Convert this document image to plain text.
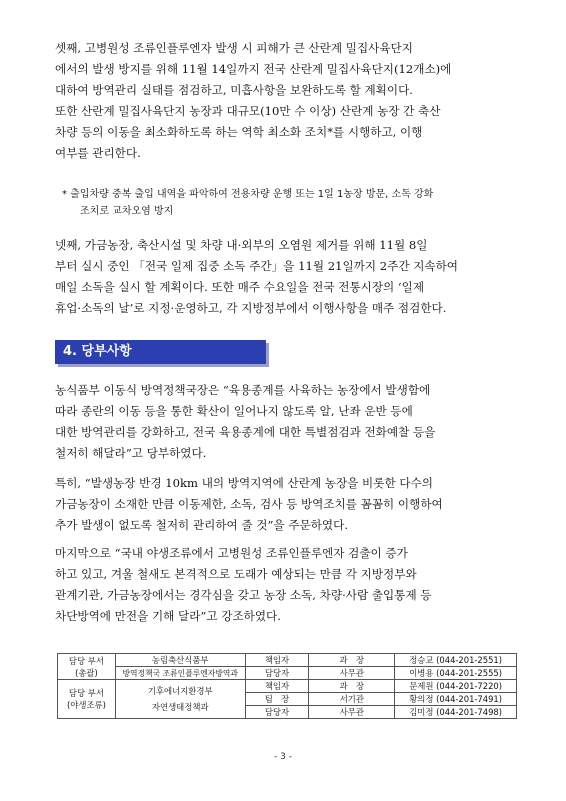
셋째, 고병원성 조류인플루엔자 발생 시 피해가 큰 산란계 밀집사육단지
에서의 발생 방지를 위해 11월 14일까지 전국 산란계 밀집사육단지(12개소)에
대하여 방역관리 실태를 점검하고, 미흡사항을 보완하도록 할 계획이다.
또한 산란계 밀집사육단지 농장과 대규모(10만 수 이상) 산란계 농장 간 축산
차량 등의 이동을 최소화하도록 하는 역학 최소화 조치*를 시행하고, 이행
여부를 관리한다.

* 출입차량 중복 출입 내역을 파악하여 전용차량 운행 또는 1일 1농장 방문, 소독 강화
조치로 교차오염 방지

넷째, 가금농장, 축산시설 및 차량 내·외부의 오염원 제거를 위해 11월 8일
부터 실시 중인 「전국 일제 집중 소독 주간」을 11월 21일까지 2주간 지속하여
매일 소독을 실시 할 계획이다. 또한 매주 수요일을 전국 전통시장의 ‘일제
휴업·소독의 날’로 지정·운영하고, 각 지방정부에서 이행사항을 매주 점검한다.

4. 당부사항

농식품부 이동식 방역정책국장은 “육용종계를 사육하는 농장에서 발생함에
따라 종란의 이동 등을 통한 확산이 일어나지 않도록 알, 난좌 운반 등에
대한 방역관리를 강화하고, 전국 육용종계에 대한 특별점검과 전화예찰 등을
철저히 해달라”고 당부하였다.

특히, “발생농장 반경 10km 내의 방역지역에 산란계 농장을 비롯한 다수의
가금농장이 소재한 만큼 이동제한, 소독, 검사 등 방역조치를 꼼꼼히 이행하여
추가 발생이 없도록 철저히 관리하여 줄 것”을 주문하였다.

마지막으로 “국내 야생조류에서 고병원성 조류인플루엔자 검출이 증가
하고 있고, 겨울 철새도 본격적으로 도래가 예상되는 만큼 각 지방정부와
관계기관, 가금농장에서는 경각심을 갖고 농장 소독, 차량·사람 출입통제 등
차단방역에 만전을 기해 달라”고 강조하였다.

담당 부서
(총괄)	농림축산식품부	책임자	과　장	정승교 (044-201-2551)
	방역정책국 조류인플루엔자방역과	담당자	사무관	이병용 (044-201-2555)
담당 부서
(야생조류)	기후에너지환경부
자연생태정책과	책임자	과　장	문제원 (044-201-7220)
		팀　장	서기관	황의정 (044-201-7491)
		담당자	사무관	김미정 (044-201-7498)
- 3 -
